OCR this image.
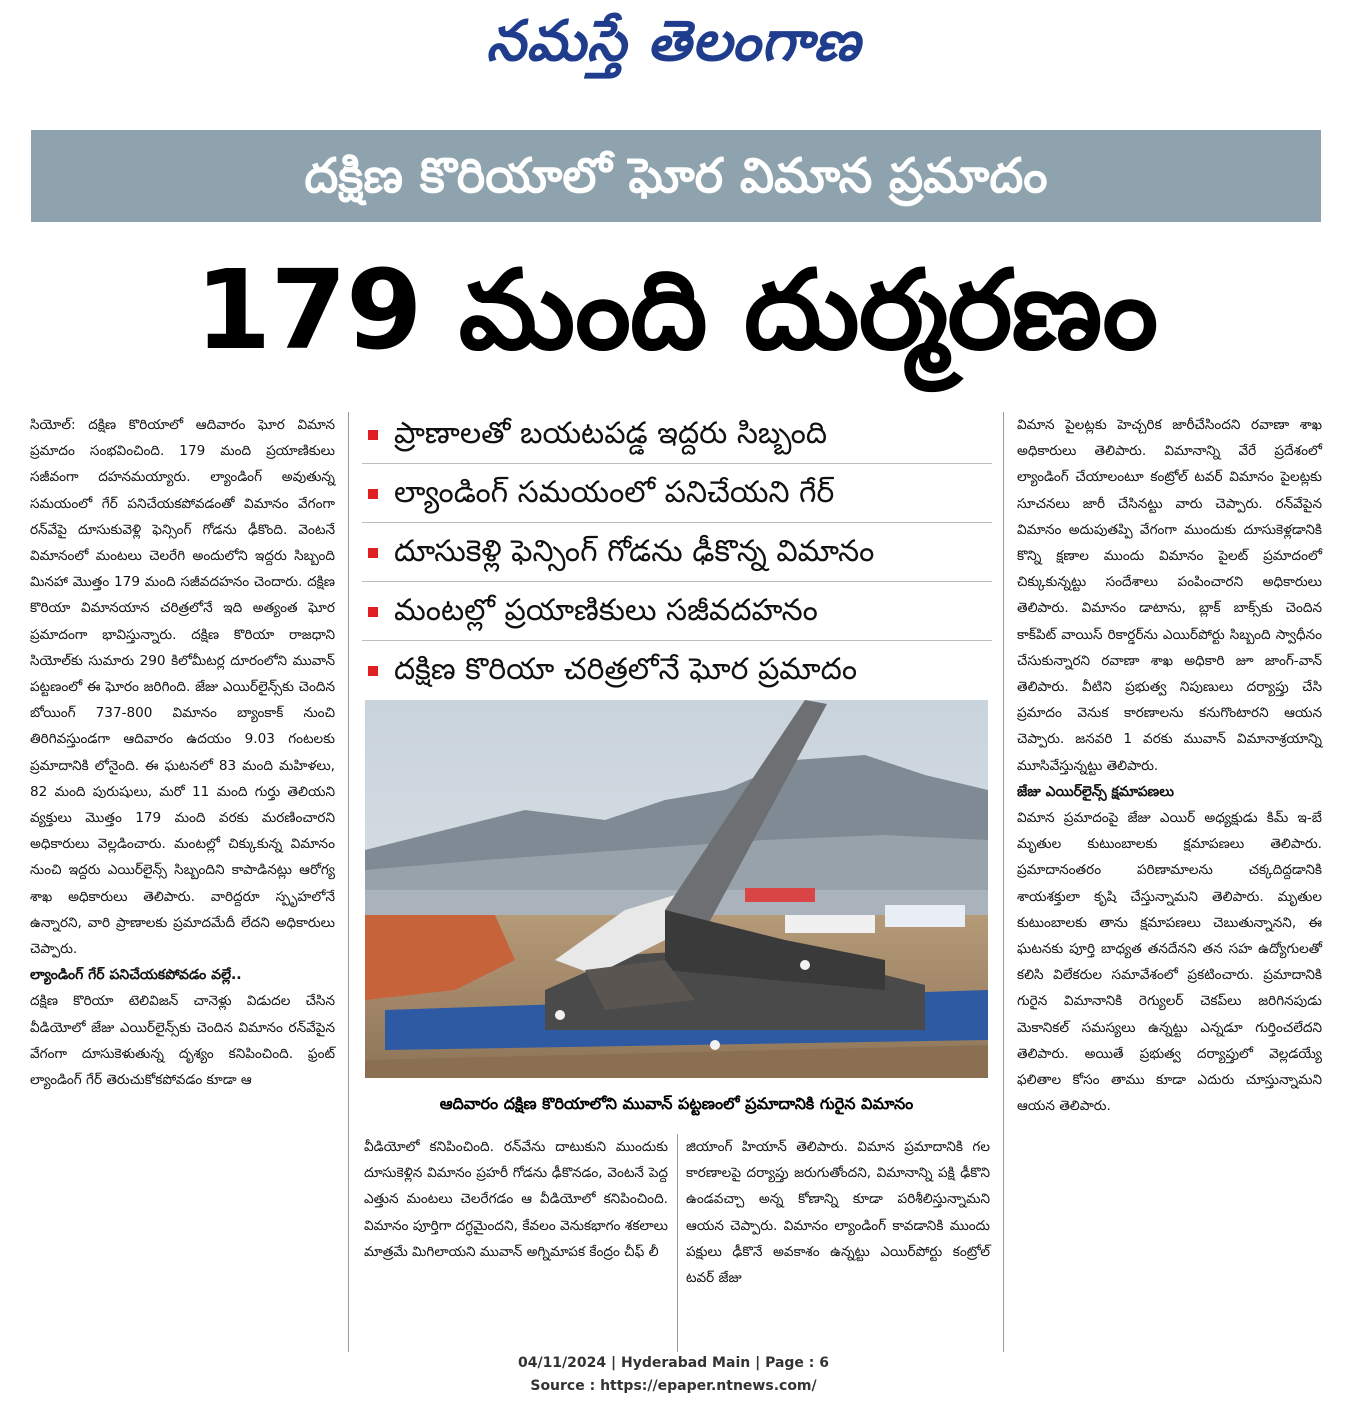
నమస్తే తెలంగాణ
దక్షిణ కొరియాలో ఘోర విమాన ప్రమాదం
179 మంది దుర్మరణం

సియోల్: దక్షిణ కొరియాలో ఆదివారం ఘోర విమాన ప్రమాదం సంభవించింది. 179 మంది ప్రయాణికులు సజీవంగా దహనమయ్యారు. ల్యాండింగ్ అవుతున్న సమయంలో గేర్ పనిచేయకపోవడంతో విమానం వేగంగా రన్‌వేపై దూసుకువెళ్లి ఫెన్సింగ్ గోడను ఢీకొంది. వెంటనే విమానంలో మంటలు చెలరేగి అందులోని ఇద్దరు సిబ్బంది మినహా మొత్తం 179 మంది సజీవదహనం చెందారు. దక్షిణ కొరియా విమానయాన చరిత్రలోనే ఇది అత్యంత ఘోర ప్రమాదంగా భావిస్తున్నారు. దక్షిణ కొరియా రాజధాని సియోల్‌కు సుమారు 290 కిలోమీటర్ల దూరంలోని మువాన్ పట్టణంలో ఈ ఘోరం జరిగింది. జేజు ఎయిర్‌లైన్స్‌కు చెందిన బోయింగ్ 737-800 విమానం బ్యాంకాక్ నుంచి తిరిగివస్తుండగా ఆదివారం ఉదయం 9.03 గంటలకు ప్రమాదానికి లోనైంది. ఈ ఘటనలో 83 మంది మహిళలు, 82 మంది పురుషులు, మరో 11 మంది గుర్తు తెలియని వ్యక్తులు మొత్తం 179 మంది వరకు మరణించారని అధికారులు వెల్లడించారు. మంటల్లో చిక్కుకున్న విమానం నుంచి ఇద్దరు ఎయిర్‌లైన్స్ సిబ్బందిని కాపాడినట్లు ఆరోగ్య శాఖ అధికారులు తెలిపారు. వారిద్దరూ స్పృహలోనే ఉన్నారని, వారి ప్రాణాలకు ప్రమాదమేదీ లేదని అధికారులు చెప్పారు.

ల్యాండింగ్ గేర్ పనిచేయకపోవడం వల్లే..

దక్షిణ కొరియా టెలివిజన్ చానెళ్లు విడుదల చేసిన వీడియోలో జేజు ఎయిర్‌లైన్స్‌కు చెందిన విమానం రన్‌వేపైన వేగంగా దూసుకెళుతున్న దృశ్యం కనిపించింది. ఫ్రంట్ ల్యాండింగ్ గేర్ తెరుచుకోకపోవడం కూడా ఆ

ప్రాణాలతో బయటపడ్డ ఇద్దరు సిబ్బంది
ల్యాండింగ్ సమయంలో పనిచేయని గేర్
దూసుకెళ్లి ఫెన్సింగ్ గోడను ఢీకొన్న విమానం
మంటల్లో ప్రయాణికులు సజీవదహనం
దక్షిణ కొరియా చరిత్రలోనే ఘోర ప్రమాదం
ఆదివారం దక్షిణ కొరియాలోని మువాన్ పట్టణంలో ప్రమాదానికి గురైన విమానం

వీడియోలో కనిపించింది. రన్‌వేను దాటుకుని ముందుకు దూసుకెళ్లిన విమానం ప్రహరీ గోడను ఢీకొనడం, వెంటనే పెద్ద ఎత్తున మంటలు చెలరేగడం ఆ వీడియోలో కనిపించింది. విమానం పూర్తిగా దగ్ధమైందని, కేవలం వెనుకభాగం శకలాలు మాత్రమే మిగిలాయని మువాన్ అగ్నిమాపక కేంద్రం చీఫ్ లీ

జియాంగ్ హియాన్ తెలిపారు. విమాన ప్రమాదానికి గల కారణాలపై దర్యాప్తు జరుగుతోందని, విమానాన్ని పక్షి ఢీకొని ఉండవచ్చా అన్న కోణాన్ని కూడా పరిశీలిస్తున్నామని ఆయన చెప్పారు. విమానం ల్యాండింగ్ కావడానికి ముందు పక్షులు ఢీకొనే అవకాశం ఉన్నట్టు ఎయిర్‌పోర్టు కంట్రోల్ టవర్ జేజు

విమాన పైలట్లకు హెచ్చరిక జారీచేసిందని రవాణా శాఖ అధికారులు తెలిపారు. విమానాన్ని వేరే ప్రదేశంలో ల్యాండింగ్ చేయాలంటూ కంట్రోల్ టవర్ విమానం పైలట్లకు సూచనలు జారీ చేసినట్టు వారు చెప్పారు. రన్‌వేపైన విమానం అదుపుతప్పి వేగంగా ముందుకు దూసుకెళ్లడానికి కొన్ని క్షణాల ముందు విమానం పైలట్ ప్రమాదంలో చిక్కుకున్నట్టు సందేశాలు పంపించారని అధికారులు తెలిపారు. విమానం డాటాను, బ్లాక్ బాక్స్‌కు చెందిన కాక్‌పిట్ వాయిస్ రికార్డర్‌ను ఎయిర్‌పోర్టు సిబ్బంది స్వాధీనం చేసుకున్నారని రవాణా శాఖ అధికారి జూ జాంగ్-వాన్ తెలిపారు. వీటిని ప్రభుత్వ నిపుణులు దర్యాప్తు చేసి ప్రమాదం వెనుక కారణాలను కనుగొంటారని ఆయన చెప్పారు. జనవరి 1 వరకు మువాన్ విమానాశ్రయాన్ని మూసివేస్తున్నట్టు తెలిపారు.

జేజు ఎయిర్‌లైన్స్ క్షమాపణలు

విమాన ప్రమాదంపై జేజు ఎయిర్ అధ్యక్షుడు కిమ్ ఇ-బే మృతుల కుటుంబాలకు క్షమాపణలు తెలిపారు. ప్రమాదానంతరం పరిణామాలను చక్కదిద్దడానికి శాయశక్తులా కృషి చేస్తున్నామని తెలిపారు. మృతుల కుటుంబాలకు తాను క్షమాపణలు చెబుతున్నానని, ఈ ఘటనకు పూర్తి బాధ్యత తనదేనని తన సహ ఉద్యోగులతో కలిసి విలేకరుల సమావేశంలో ప్రకటించారు. ప్రమాదానికి గురైన విమానానికి రెగ్యులర్ చెకప్‌లు జరిగినపుడు మెకానికల్ సమస్యలు ఉన్నట్టు ఎన్నడూ గుర్తించలేదని తెలిపారు. అయితే ప్రభుత్వ దర్యాప్తులో వెల్లడయ్యే ఫలితాల కోసం తాము కూడా ఎదురు చూస్తున్నామని ఆయన తెలిపారు.

04/11/2024 | Hyderabad Main | Page : 6
Source : https://epaper.ntnews.com/
